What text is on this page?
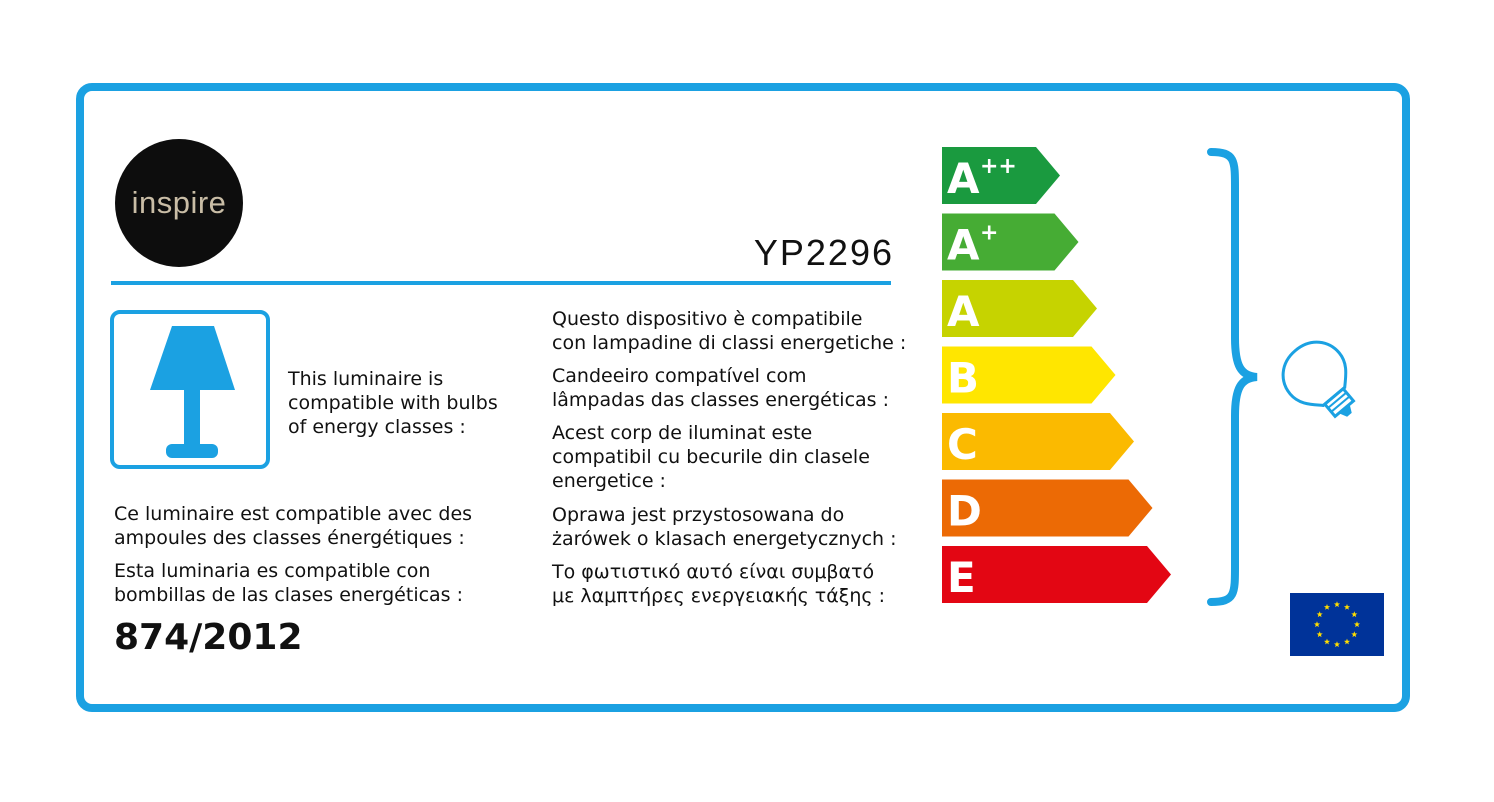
inspire
YP2296
This luminaire is
compatible with bulbs
of energy classes :
Ce luminaire est compatible avec des
ampoules des classes énergétiques :
Esta luminaria es compatible con
bombillas de las clases energéticas :
874/2012
Questo dispositivo è compatibile
con lampadine di classi energetiche :
Candeeiro compatível com
lâmpadas das classes energéticas :
Acest corp de iluminat este
compatibil cu becurile din clasele
energetice :
Oprawa jest przystosowana do
żarówek o klasach energetycznych :
Το φωτιστικό αυτό είναι συμβατό
με λαμπτήρες ενεργειακής τάξης :
A ++
A +
A
B
C
D
E
